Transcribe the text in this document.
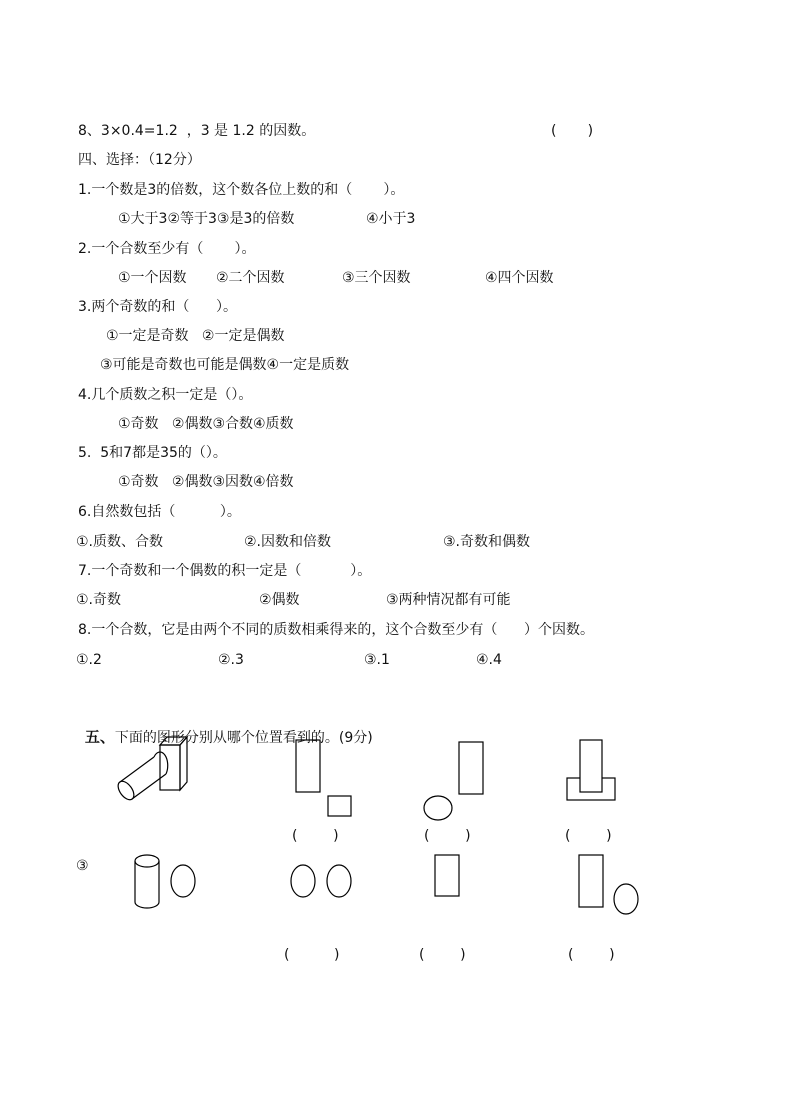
8、3×0.4=1.2  ，3 是 1.2 的因数。	(       )
四、选择：（12分）
1.一个数是3的倍数，这个数各位上数的和（       ）。
①大于3②等于3③是3的倍数	④小于3
2.一个合数至少有（       ）。
①一个因数 ②二个因数	③三个因数	④四个因数
3.两个奇数的和（      ）。
①一定是奇数   ②一定是偶数
③可能是奇数也可能是偶数④一定是质数
4.几个质数之积一定是（）。
①奇数   ②偶数③合数④质数
5.  5和7都是35的（）。
①奇数   ②偶数③因数④倍数
6.自然数包括（          ）。
①.质数、合数	②.因数和倍数	③.奇数和偶数
7.一个奇数和一个偶数的积一定是（           ）。
①.奇数	②偶数	③两种情况都有可能
8.一个合数，它是由两个不同的质数相乘得来的，这个合数至少有（      ）个因数。
①.2	②.3	③.1	④.4

五、下面的图形分别从哪个位置看到的。(9分)

(        )	(        )	(        )
③
(          )	(        )	(        )
